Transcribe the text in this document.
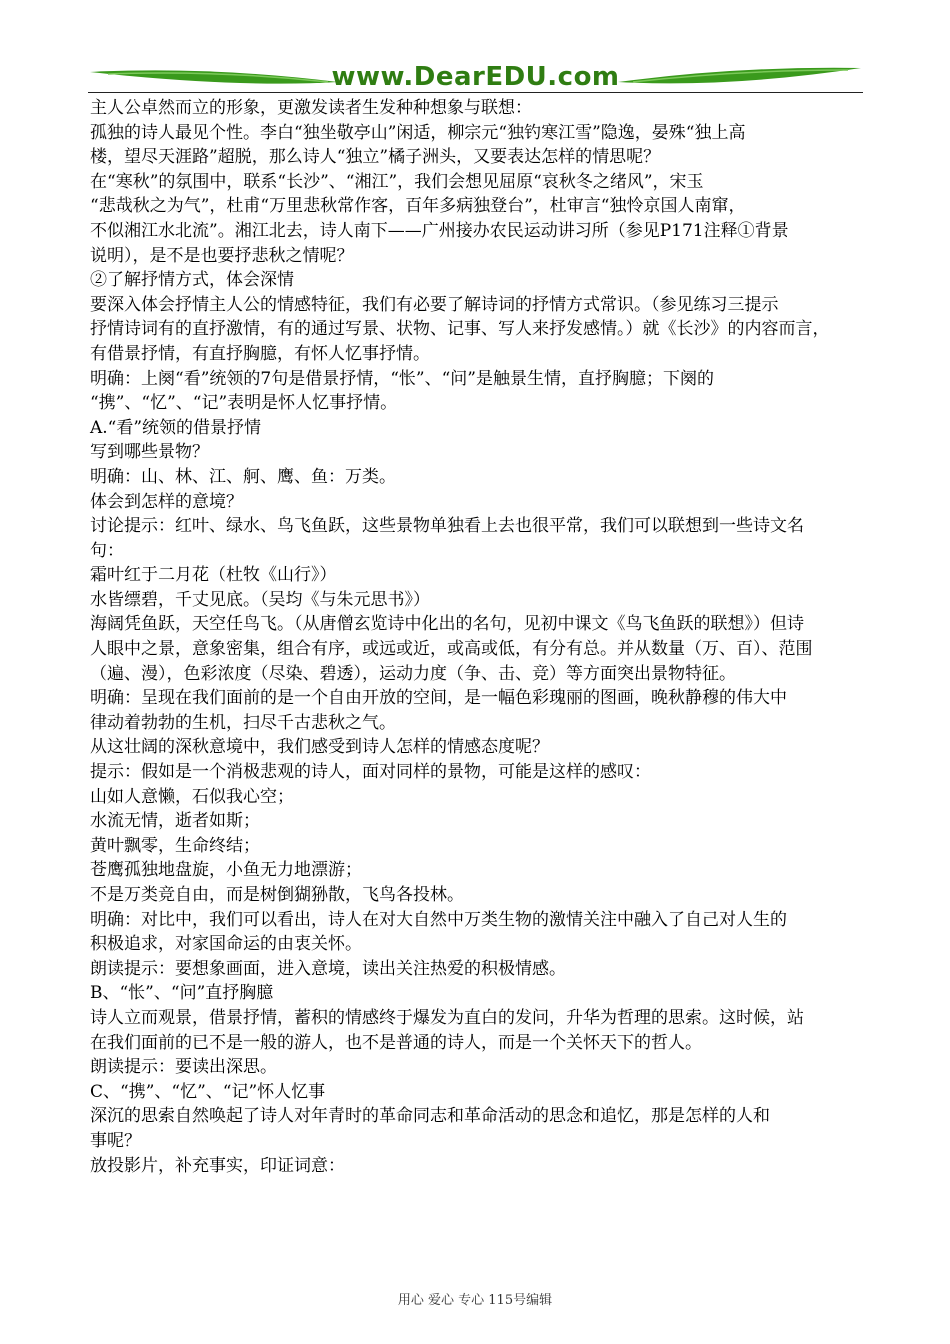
www.DearEDU.com

主人公卓然而立的形象，更激发读者生发种种想象与联想：

孤独的诗人最见个性。李白“独坐敬亭山”闲适，柳宗元“独钓寒江雪”隐逸，晏殊“独上高

楼，望尽天涯路”超脱，那么诗人“独立”橘子洲头，又要表达怎样的情思呢？

在“寒秋”的氛围中，联系“长沙”、“湘江”，我们会想见屈原“哀秋冬之绪风”，宋玉

“悲哉秋之为气”，杜甫“万里悲秋常作客，百年多病独登台”，杜审言“独怜京国人南窜，

不似湘江水北流”。湘江北去，诗人南下——广州接办农民运动讲习所（参见P171注释①背景

说明），是不是也要抒悲秋之情呢？

②了解抒情方式，体会深情

要深入体会抒情主人公的情感特征，我们有必要了解诗词的抒情方式常识。（参见练习三提示

抒情诗词有的直抒激情，有的通过写景、状物、记事、写人来抒发感情。）就《长沙》的内容而言，

有借景抒情，有直抒胸臆，有怀人忆事抒情。

明确：上阕“看”统领的7句是借景抒情，“怅”、“问”是触景生情，直抒胸臆；下阕的

“携”、“忆”、“记”表明是怀人忆事抒情。

A.“看”统领的借景抒情

写到哪些景物？

明确：山、林、江、舸、鹰、鱼：万类。

体会到怎样的意境？

讨论提示：红叶、绿水、鸟飞鱼跃，这些景物单独看上去也很平常，我们可以联想到一些诗文名

句：

霜叶红于二月花（杜牧《山行》）

水皆缥碧，千丈见底。（吴均《与朱元思书》）

海阔凭鱼跃，天空任鸟飞。（从唐僧玄览诗中化出的名句，见初中课文《鸟飞鱼跃的联想》）但诗

人眼中之景，意象密集，组合有序，或远或近，或高或低，有分有总。并从数量（万、百）、范围

（遍、漫），色彩浓度（尽染、碧透），运动力度（争、击、竞）等方面突出景物特征。

明确：呈现在我们面前的是一个自由开放的空间，是一幅色彩瑰丽的图画，晚秋静穆的伟大中

律动着勃勃的生机，扫尽千古悲秋之气。

从这壮阔的深秋意境中，我们感受到诗人怎样的情感态度呢？

提示：假如是一个消极悲观的诗人，面对同样的景物，可能是这样的感叹：

山如人意懒，石似我心空；

水流无情，逝者如斯；

黄叶飘零，生命终结；

苍鹰孤独地盘旋，小鱼无力地漂游；

不是万类竞自由，而是树倒猢狲散，飞鸟各投林。

明确：对比中，我们可以看出，诗人在对大自然中万类生物的激情关注中融入了自己对人生的

积极追求，对家国命运的由衷关怀。

朗读提示：要想象画面，进入意境，读出关注热爱的积极情感。

B、“怅”、“问”直抒胸臆

诗人立而观景，借景抒情，蓄积的情感终于爆发为直白的发问，升华为哲理的思索。这时候，站

在我们面前的已不是一般的游人，也不是普通的诗人，而是一个关怀天下的哲人。

朗读提示：要读出深思。

C、“携”、“忆”、“记”怀人忆事

深沉的思索自然唤起了诗人对年青时的革命同志和革命活动的思念和追忆，那是怎样的人和

事呢？

放投影片，补充事实，印证词意：

用心 爱心 专心 115号编辑
